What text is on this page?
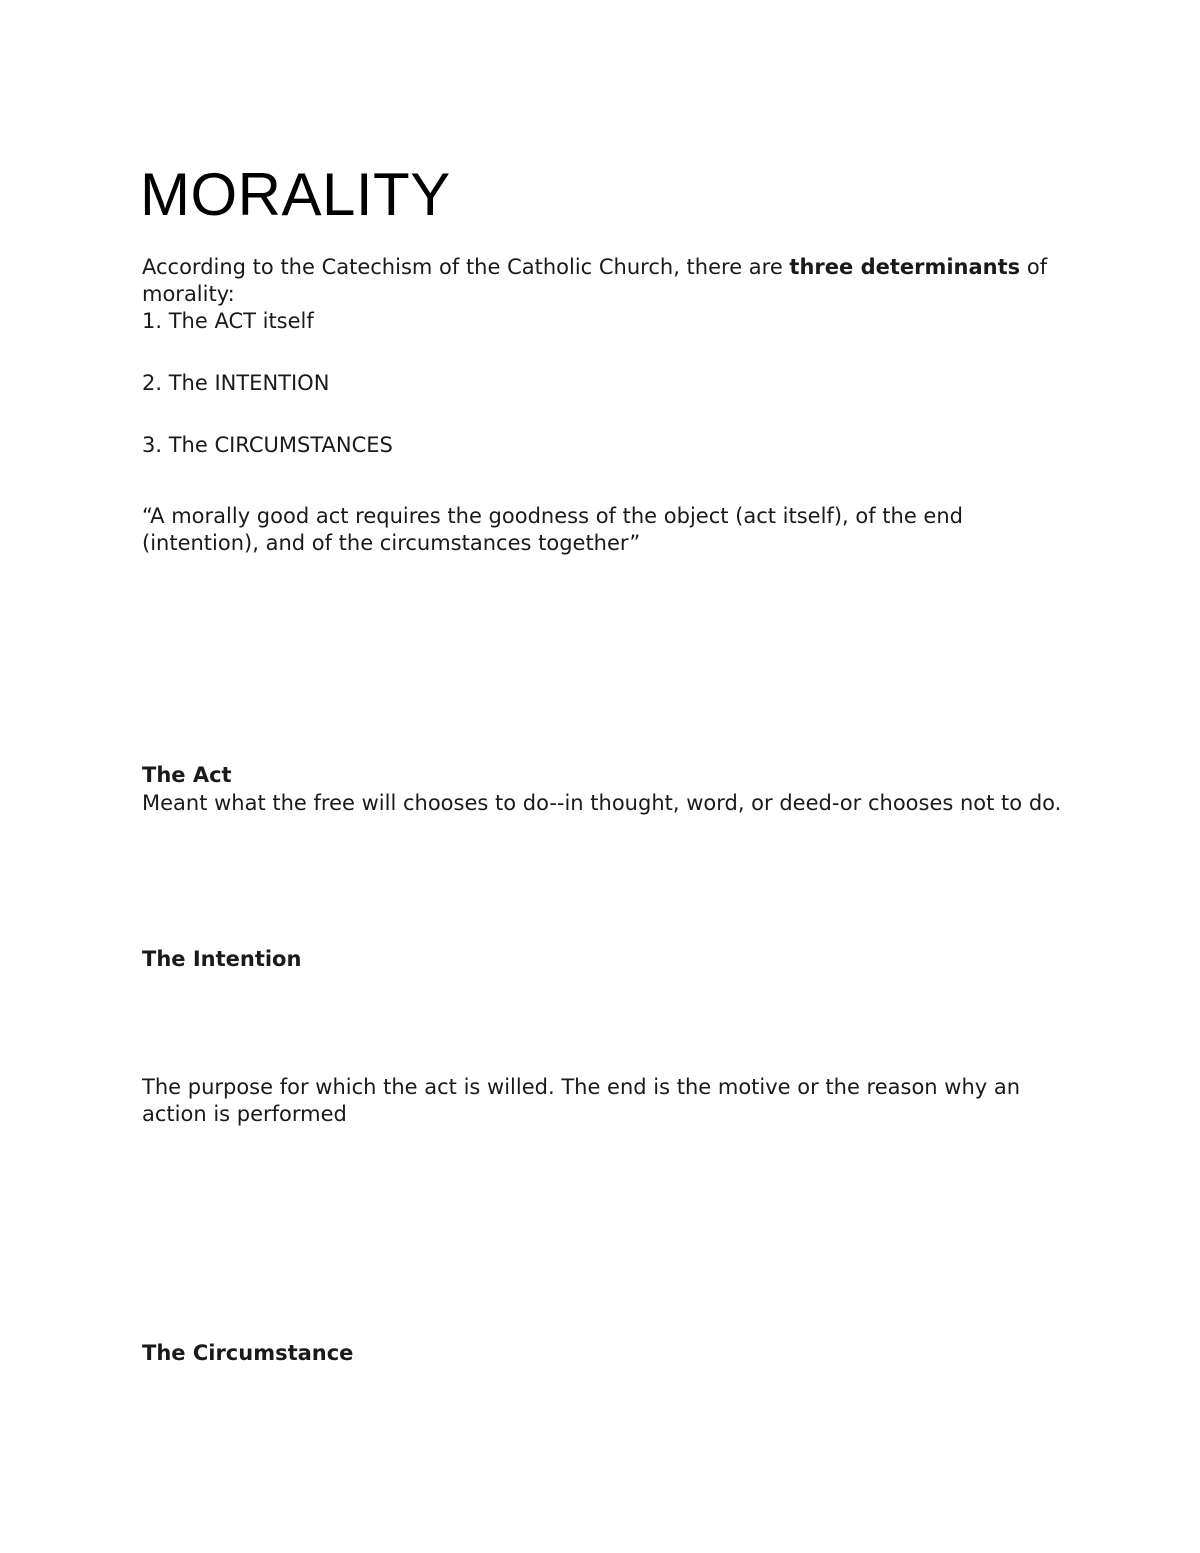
MORALITY
According to the Catechism of the Catholic Church, there are three determinants of morality:
1. The ACT itself
2. The INTENTION
3. The CIRCUMSTANCES
“A morally good act requires the goodness of the object (act itself), of the end (intention), and of the circumstances together”
The Act
Meant what the free will chooses to do--in thought, word, or deed-or chooses not to do.
The Intention
The purpose for which the act is willed. The end is the motive or the reason why an action is performed
The Circumstance
